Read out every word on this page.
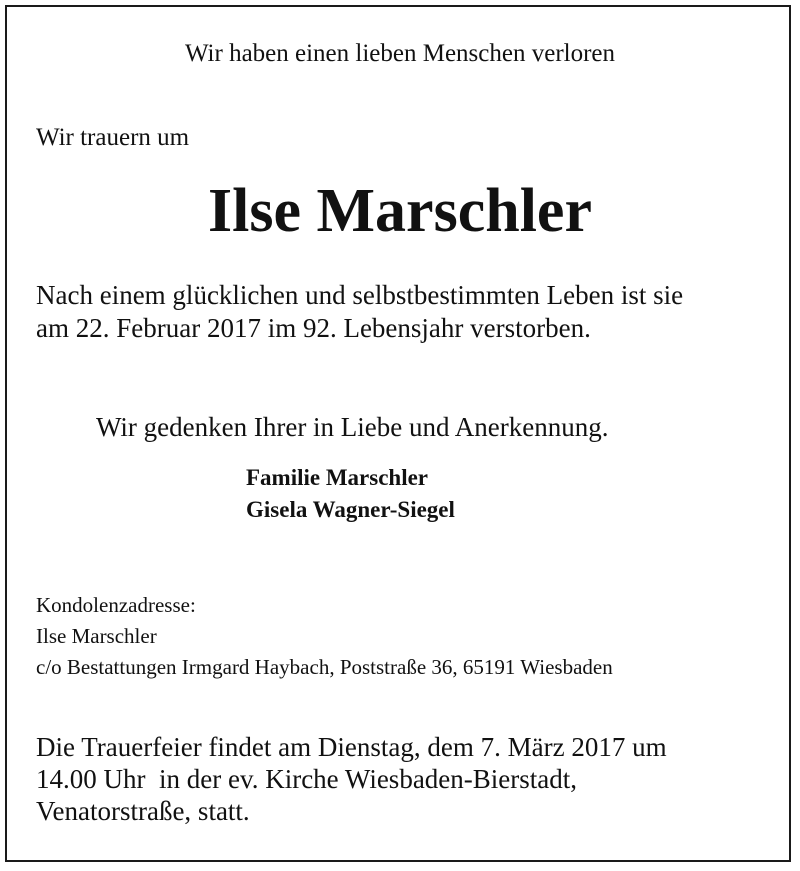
Wir haben einen lieben Menschen verloren

Wir trauern um

Ilse Marschler
Nach einem glücklichen und selbstbestimmten Leben ist sie
am 22. Februar 2017 im 92. Lebensjahr verstorben.

Wir gedenken Ihrer in Liebe und Anerkennung.

Familie Marschler
Gisela Wagner-Siegel
Kondolenzadresse:
Ilse Marschler
c/o Bestattungen Irmgard Haybach, Poststraße 36, 65191 Wiesbaden
Die Trauerfeier findet am Dienstag, dem 7. März 2017 um
14.00 Uhr  in der ev. Kirche Wiesbaden-Bierstadt,
Venatorstraße, statt.
